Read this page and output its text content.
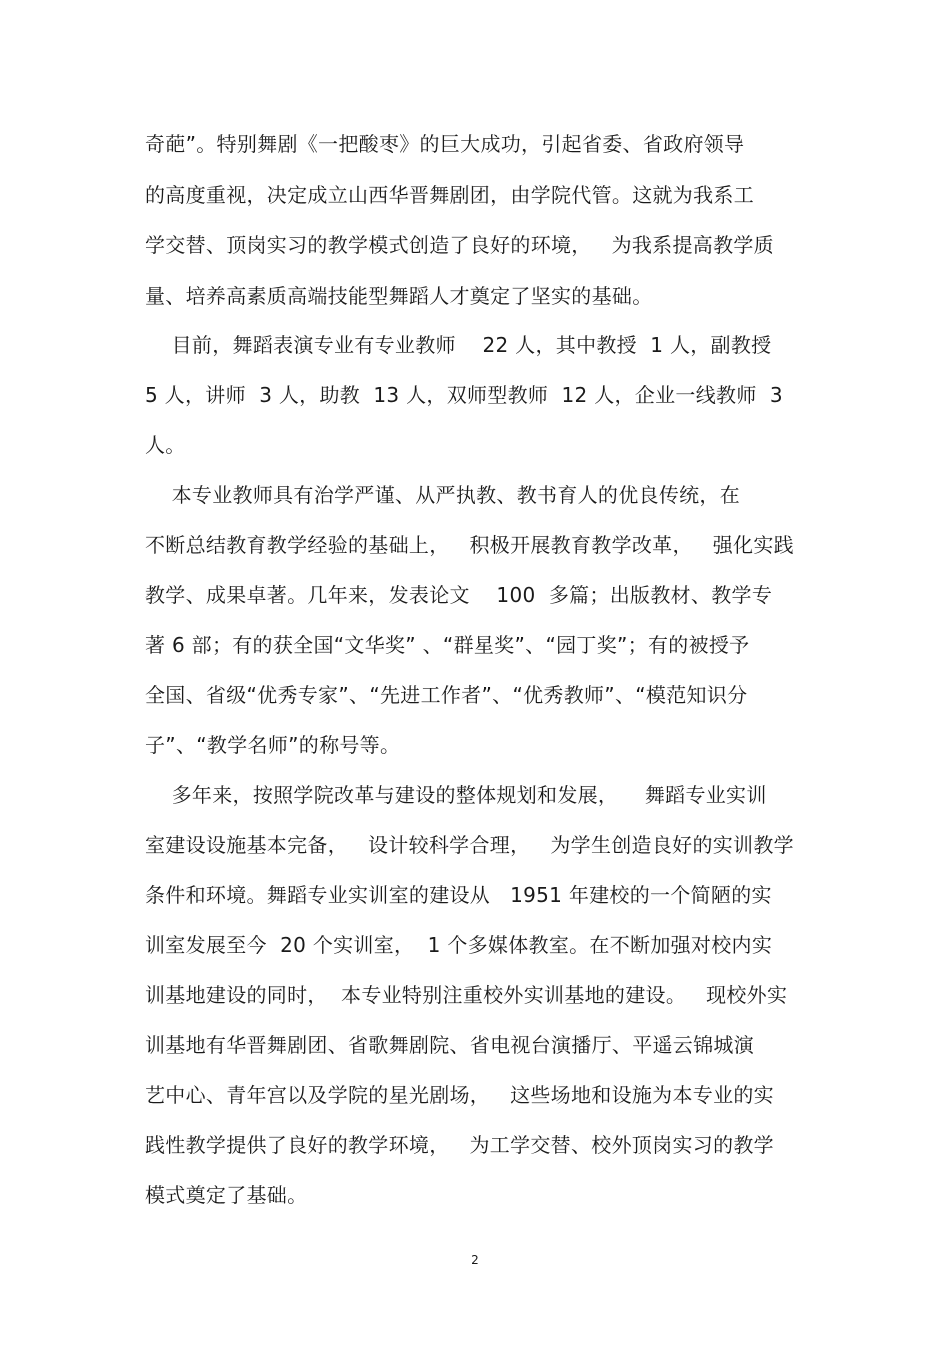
奇葩”。特别舞剧《一把酸枣》的巨大成功，引起省委、省政府领导
的高度重视，决定成立山西华晋舞剧团，由学院代管。这就为我系工
学交替、顶岗实习的教学模式创造了良好的环境，   为我系提高教学质
量、培养高素质高端技能型舞蹈人才奠定了坚实的基础。
目前，舞蹈表演专业有专业教师    22 人，其中教授  1 人，副教授
5 人，讲师  3 人，助教  13 人，双师型教师  12 人，企业一线教师  3
人。
本专业教师具有治学严谨、从严执教、教书育人的优良传统，在
不断总结教育教学经验的基础上，   积极开展教育教学改革，   强化实践
教学、成果卓著。几年来，发表论文    100  多篇；出版教材、教学专
著 6 部；有的获全国“文华奖” 、“群星奖”、“园丁奖”；有的被授予
全国、省级“优秀专家”、“先进工作者”、“优秀教师”、“模范知识分
子”、“教学名师”的称号等。
多年来，按照学院改革与建设的整体规划和发展，    舞蹈专业实训
室建设设施基本完备，   设计较科学合理，   为学生创造良好的实训教学
条件和环境。舞蹈专业实训室的建设从   1951 年建校的一个简陋的实
训室发展至今  20 个实训室，  1 个多媒体教室。在不断加强对校内实
训基地建设的同时，  本专业特别注重校外实训基地的建设。   现校外实
训基地有华晋舞剧团、省歌舞剧院、省电视台演播厅、平遥云锦城演
艺中心、青年宫以及学院的星光剧场，   这些场地和设施为本专业的实
践性教学提供了良好的教学环境，   为工学交替、校外顶岗实习的教学
模式奠定了基础。
2
